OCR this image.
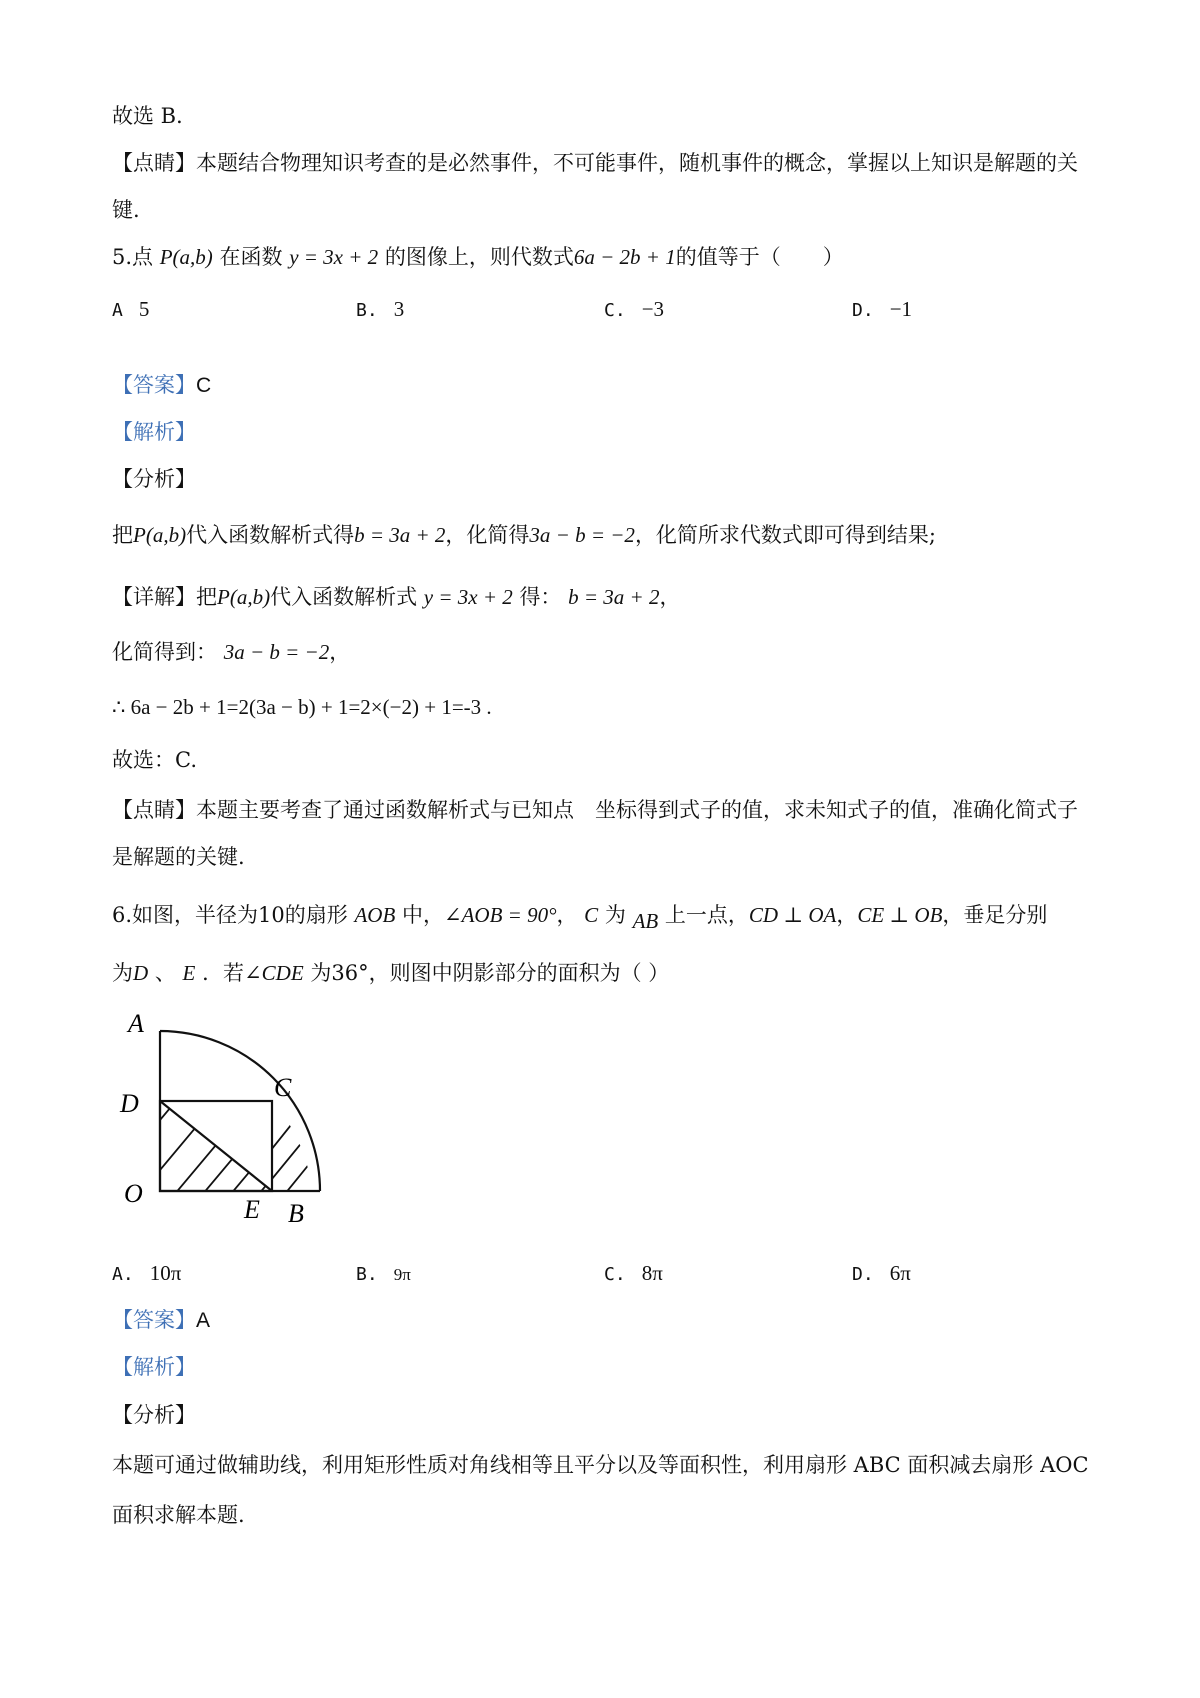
故选 B．
【点睛】本题结合物理知识考查的是必然事件，不可能事件，随机事件的概念，掌握以上知识是解题的关
键.
5.点 P(a,b) 在函数 y = 3x + 2 的图像上，则代数式6a − 2b + 1的值等于（　　）
A 5	B. 3	C. −3	D. −1
【答案】C
【解析】
【分析】
把P(a,b)代入函数解析式得b = 3a + 2，化简得3a − b = −2，化简所求代数式即可得到结果;
【详解】把P(a,b)代入函数解析式 y = 3x + 2 得： b = 3a + 2，
化简得到： 3a − b = −2，
∴ 6a − 2b + 1=2(3a − b) + 1=2×(−2) + 1=-3 .
故选：C.
【点睛】本题主要考查了通过函数解析式与已知点　坐标得到式子的值，求未知式子的值，准确化简式子
是解题的关键.
6.如图，半径为10的扇形 AOB 中，∠AOB = 90°， C 为 AB 上一点，CD ⊥ OA，CE ⊥ OB，垂足分别
为D 、 E ．若∠CDE 为36°，则图中阴影部分的面积为（ ）
A
C
D
O
E B
A. 10π	B. 9π	C. 8π	D. 6π
【答案】A
【解析】
【分析】
本题可通过做辅助线，利用矩形性质对角线相等且平分以及等面积性，利用扇形 ABC 面积减去扇形 AOC
面积求解本题.
